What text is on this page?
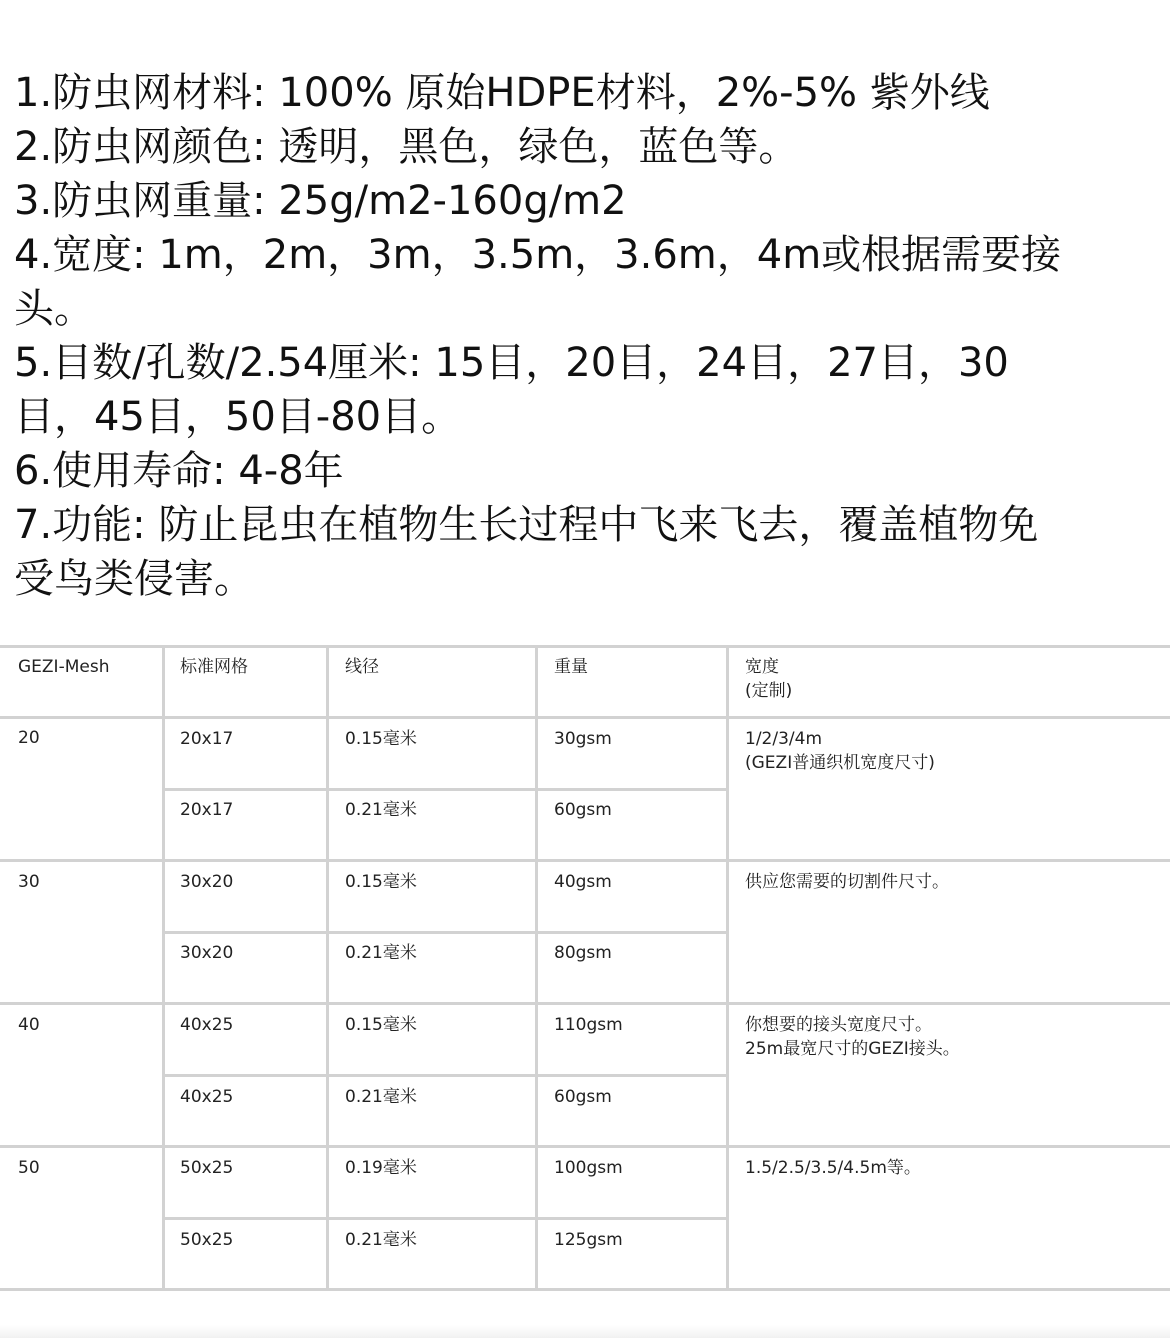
1.防虫网材料: 100% 原始HDPE材料，2%-5% 紫外线
2.防虫网颜色: 透明，黑色，绿色，蓝色等。
3.防虫网重量: 25g/m2-160g/m2
4.宽度: 1m，2m，3m，3.5m，3.6m，4m或根据需要接
头。
5.目数/孔数/2.54厘米: 15目，20目，24目，27目，30
目，45目，50目-80目。
6.使用寿命: 4-8年
7.功能: 防止昆虫在植物生长过程中飞来飞去，覆盖植物免
受鸟类侵害。
GEZI-Mesh	标准网格	线径	重量	宽度
(定制)
20	20x17	0.15毫米	30gsm	1/2/3/4m
(GEZI普通织机宽度尺寸)
20x17	0.21毫米	60gsm
30	30x20	0.15毫米	40gsm	供应您需要的切割件尺寸。
30x20	0.21毫米	80gsm
40	40x25	0.15毫米	110gsm	你想要的接头宽度尺寸。
25m最宽尺寸的GEZI接头。
40x25	0.21毫米	60gsm
50	50x25	0.19毫米	100gsm	1.5/2.5/3.5/4.5m等。
50x25	0.21毫米	125gsm
